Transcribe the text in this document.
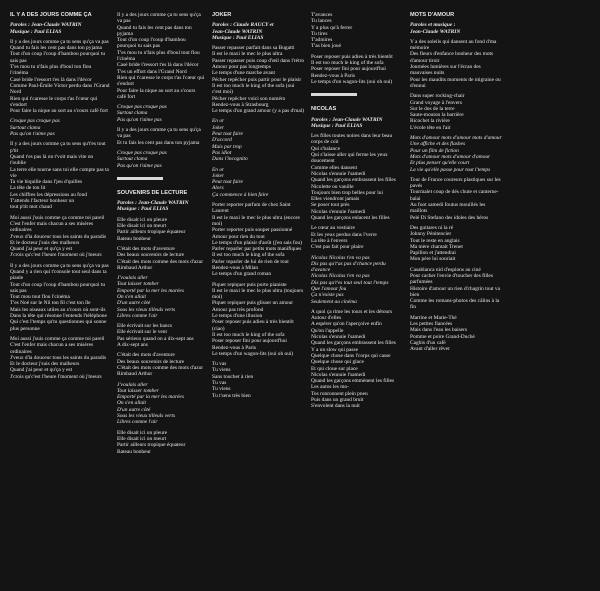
IL Y A DES JOURS COMME ÇA

Paroles : Jean-Claude WATRIN

Musique : Paul ELIAS

Il y a des jours comme ça tu sens qu'ça va pas

Quand tu fais les cent pas dans ton pyjama

Tout d'un coup l'coup d'bambou pourquoi tu sais pas

T'es mou tu n'fais plus d'boul ton flou l'cinéma

Casé bride l'ressort t'es là dans l'décor

Comme Paul-Émile Victor perdu dans l'Grand Nord

Rien qui t'caresse le corps t'as l'cœur qui s'endort

Pour faire la nique au sort au s'cours café fort

Croque pas croque pas

Surtout clama

Pas qu'on t'aime pas

Il y a des jours comme ça tu sens qu't'es tout p'tit

Quand t'es pas là on t'voit mais vite on t'oublie

La terre elle tourne sans toi elle compte pas ta vie

Ta vie biquille dans l'jeu d'quilles

La tête de ton lit

Les chiffres les dépressions au fond

T'attends l'facteur bonheur un

tout p'tit mot chaud

Moi aussi j'suis comme ça comme toi pareil

C'est l'enfer mais chacun a ses misères ordinaires

J'veux d'la douceur tous les saints du paradis

Et le docteur j'suis des malheurs

Quand j'ai peur et qu'ça y est

J'crois qu'c'est l'heure l'moment où j'meurs

Il y a des jours comme ça tu sens qu'ça va pas

Quand y a rien qui t'console tout seul dans ta piaule

Tout d'un coup l'coup d'bambou pourquoi tu sais pas

Tout mou tout flou l'cinéma

T'es Noé sur le Nil ton fil c'est ton île

Mais les oiseaux utiles au s'cours où sont-ils

Dans la tête qui résonne l'entends l'téléphone

Qui c'est l'temps qu'tu questionnes qui sonne plus personne

Moi aussi j'suis comme ça comme toi pareil

C'est l'enfer mais chacun a ses misères ordinaires

J'veux d'la douceur tous les saints du paradis

Et le docteur j'suis des malheurs

Quand j'ai peur et qu'ça y est

J'crois qu'c'est l'heure l'moment où j'meurs

Il y a des jours comme ça tu sens qu'ça va pas

Quand tu fais les cent pas dans ton pyjama

Tout d'un coup l'coup d'bambou pourquoi tu sais pas

T'es mou tu n'fais plus d'boul tout flou l'cinéma

Casé bride l'ressort t'es là dans l'décor

T'es un effort dans l'Grand Nord

Rien qui t'caresse le corps t'as l'cœur qui s'endort

Pour faire la nique au sort au s'cours café fort

Croque pas croque pas

Surtout clama

Pas qu'on t'aime pas

Il y a des jours comme ça tu sens qu'ça va pas

Et tu fais les cent pas dans ton pyjama

Croque pas croque pas

Surtout clama

Pas qu'on t'aime pas

SOUVENIRS DE LECTURE

Paroles : Jean-Claude WATRIN

Musique : Paul ELIAS

Elle disait ici on pleure

Elle disait ici on meurt

Partir ailleurs tropique équateur

Bateau bonheur

C'était des mots d'aventure

Des beaux souvenirs de lecture

C'était des mots comme des mots d'azur

Rimbaud Arthur

J'voulais aller

Tout laisser tomber

Emporté par la mer les marées

On s'en allait

D'un autre côté

Sous les vieux tilleuls verts

Libres comme l'air

Elle écrivait sur les bancs

Elle écrivait sur le vent

Pas sérieux quand on a dix-sept ans

A dix-sept ans

C'était des mots d'aventure

Des beaux souvenirs de lecture

C'était des mots comme des mots d'azur

Rimbaud Arthur

J'voulais aller

Tout laisser tomber

Emporté par la mer les marées

On s'en allait

D'un autre côté

Sous les vieux tilleuls verts

Libres comme l'air

Elle disait ici on pleure

Elle disait ici on meurt

Partir ailleurs tropique équateur

Bateau bonheur

JOKER

Paroles : Claude RAUCY et

Jean-Claude WATRIN

Musique : Paul ELIAS

Passer repasser parfait dans sa Bugatti

Il est le maxi le mec le plus ultra

Passer repasser puis coup d'œil dans l'rétro

Amour pour pas longtemps

Le temps d'une marche avant

Pécher repêcher puis partir pour le plaisir

Il est too much le king of the sofa (oui c'est moi)

Pêcher repêcher voici son numéro

Rendez-vous à Strasbourg

Le temps d'un grand amour (y a pas d'mal)

En or

Joker

Peut tout faire

D'accord

Mais par trop

Pas idiot

Dans l'incognito

En or

Joker

Peut tout faire

Alors

Ça commence à bien faire

Porter reporter parfum de chez Saint Laurent

Il est le maxi le mec le plus ultra (encore moi)

Porter reporter puis souper passionné

Amour pour rien du tout

Le temps d'un plaisir d'août (j'en sais fou)

Parler reparler par petits mots manifiques

Il est too much le king of the sofa

Parler reparler de lui de rien de tout

Rendez-vous à Milan

Le temps d'un grand roman

Piquer repiquer puis porto pianiste

Il est le maxi le mec le plus ultra (toujours moi)

Piquer repiquer puis glisser un amour

Amour pas très profond

Le temps d'une illusion

Poser reposer puis adieu à très bientôt (ciao)

Il est too much le king of the sofa

Poser reposer fini pour aujourd'hui

Rendez-vous à Paris

Le temps d'un wagon-lits (oui oh oui)

Tu vas

Tu viens

Sans toucher à rien

Tu vas

Tu viens

Tu t'sens très bien

T'avances

Tu lances

Y a plus qu'à ferrer

Tu tires

T'admires

T'as bien joué

Poser reposer puis adieu à très bientôt

Il est too much le king of the sofa

Poser reposer fini pour aujourd'hui

Rendez-vous à Paris

Le temps d'un wagon-lits (oui oh oui)

NICOLAS

Paroles : Jean-Claude WATRIN

Musique : Paul ELIAS

Les filles toutes noires dans leur beau corps de coït

Qui s'balance

Qui s'laisse aller qui ferme les yeux doucement

Comme elles dansent

Nicolas s'ennuie l'samedi

Quand les garçons embrassent les filles

Nicolette ou vanille

Toujours bien trop belles pour lui

Elles viendront jamais

Se poser tout près

Nicolas s'ennuie l'samedi

Quand les garçons enlacent les filles

Le cœur au vestiaire

Et les yeux perdus dans l'verre

La tête à l'envers

C'est pas fait pour plaire

Nicolas Nicolas t'en va pas

Dis pas qu't'as pas d'chance perdu d'avance

Nicolas Nicolas t'en va pas

Dis pas qu't'es tout seul tout l'temps

Que l'amour fou

Ça n'existe pas

Seulement au cinéma

A quoi ça rime les tours et les détours

Autour d'elles

A espérer qu'on l'aperçoive enfin

Qu'on l'appelle

Nicolas s'ennuie l'samedi

Quand les garçons embrassent les filles

Y a un slow qui passe

Quelque chose dans l'corps qui casse

Quelque chose qui glace

Et qui cloue sur place

Nicolas s'ennuie l'samedi

Quand les garçons emmènent les filles

Les autos les mo-

Tos ronronnent plein pneu

Puis dans un grand bruit

S'envolent dans la nuit

MOTS D'AMOUR

Paroles et musique :

Jean-Claude WATRIN

Y a des soleils qui dansent au fond d'ma mémoire

Des fleurs d'enfance bonheur des mots d'amour tiroir

Journées lumières sur l'écran des mauvaises nuits

Pour les maudits moments de migraine ou d'ennui

Dans super rocking-chair

Grand voyage à l'envers

Sur le dos de la terre

Saute-mouton la barrière

Ricochet la rivière

L'école tête en l'air

Mots d'amour mots d'amour mots d'amour

Une affiche et des flashes

Pour un film de fiction

Mots d'amour mots d'amour d'amour

Et plus penser qu'elle court

La vie qu'elle passe pour tout l'temps

Tour de France coureurs plastiques sur les pavés

Tourmalet coup de dés chute et canterne-balai

Au foot samedi foutus mouillés les maillots

Pelé Di Stefano des idoles des héros

Des guitares ni la ré

Johnny Pénitencier

Tout le reste en anglais

Ma mère chantait Trenet

Papillon et j'attendrai

Mon père lui souriait

Casablanca nid d'espions au ciné

Pour cacher l'envie d'toucher des filles parfumées

Histoire d'amour un rien d'chagrin tout va bien

Comme les romans-photos des câlins à la fin

Martine et Marie-Thé

Les petites fiancées

Mais dans l'eau les baisers

Pomme et poire Grand-Duché

Caghis d'un café

Avant d'aller rêver
